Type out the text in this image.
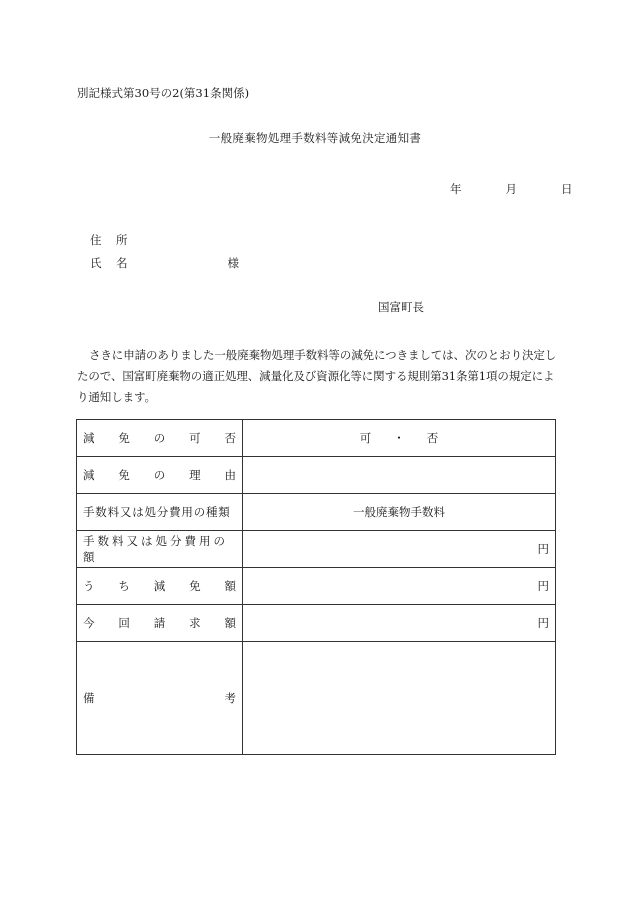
別記様式第30号の2(第31条関係)
一般廃棄物処理手数料等減免決定通知書
年	月	日
住 所
氏 名	様
国富町長
さきに申請のありました一般廃棄物処理手数料等の減免につきましては、次のとおり決定したので、国富町廃棄物の適正処理、減量化及び資源化等に関する規則第31条第1項の規定により通知します。
減 免 の 可 否	可 ・ 否

減 免 の 理 由	

手数料又は処分費用の種類	一般廃棄物手数料
手数料又は処分費用の額	円

う ち 減 免 額	円

今 回 請 求 額	円

備 考	
